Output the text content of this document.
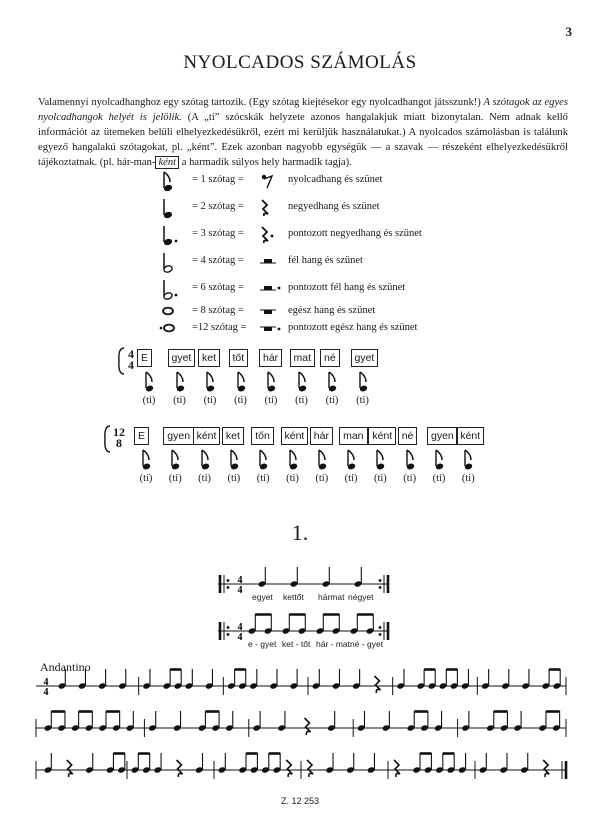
3
NYOLCADOS SZÁMOLÁS
Valamennyi nyolcadhanghoz egy szótag tartozik. (Egy szótag kiejtésekor egy nyolcadhangot játsszunk!) A szótagok az egyes nyolcadhangok helyét is jelölik. (A „ti” szócskák helyzete azonos hangalakjuk miatt bizonytalan. Nem adnak kellő információt az ütemeken belüli elhelyezkedésükről, ezért mi kerüljük használatukat.) A nyolcados számolásban is találunk egyező hangalakú szótagokat, pl. „ként”. Ezek azonban nagyobb egységük — a szavak — részeként elhelyezkedésükről tájékoztatnak. (pl. hár-man- ként a harmadik súlyos hely harmadik tagja).
= 1 szótag =	nyolcadhang és szünet
= 2 szótag =	negyedhang és szünet
= 3 szótag =	pontozott negyedhang és szünet
= 4 szótag =	fél hang és szünet
= 6 szótag =	pontozott fél hang és szünet
= 8 szótag =	egész hang és szünet
=12 szótag =	pontozott egész hang és szünet
4
4 E
(ti)
gyet
(ti)
ket
(ti)
tőt
(ti)
hár
(ti)
mat
(ti)
né
(ti)
gyet
(ti)
12
8	E
(ti)
gyen
(ti)
ként
(ti)
ket
(ti)
tőn
(ti)
ként
(ti)
hár
(ti)
man
(ti)
ként
(ti)
né
(ti)
gyen
(ti)
ként
(ti)
1.
4
4
egyet kettőt hármat négyet
4
4
e - gyet ket - tőt hár - mat né - gyet
Andantino
4
4
Z. 12 253
